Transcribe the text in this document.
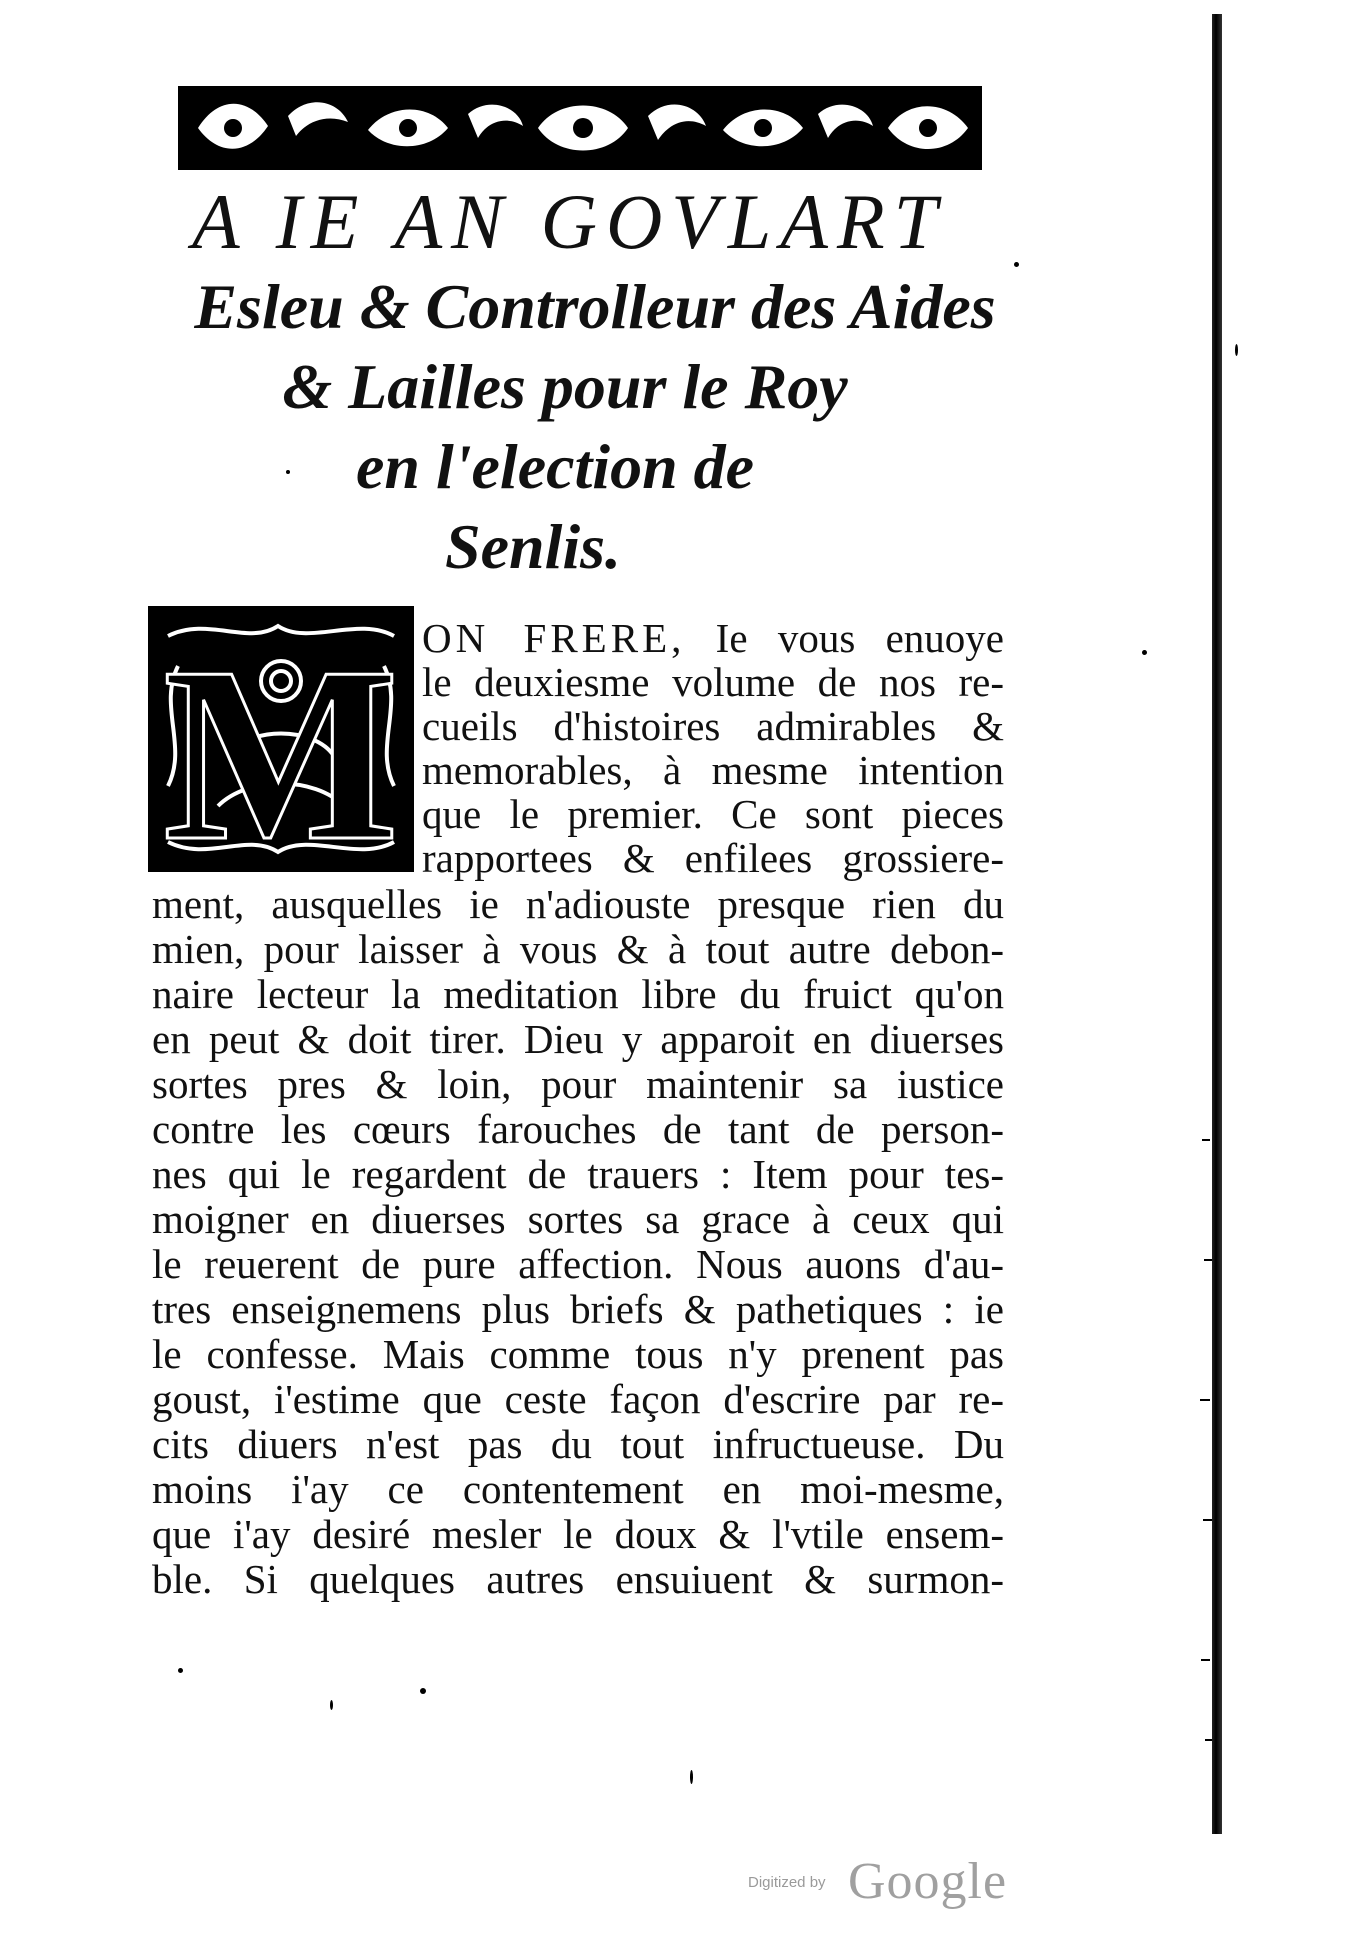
A IE AN GOVLART
Esleu & Controlleur des Aides
& Lailles pour le Roy
en l'election de
Senlis.
M ON FRERE, Ie vous enuoye
le deuxiesme volume de nos re-
cueils d'histoires admirables &
memorables, à mesme intention
que le premier. Ce sont pieces
rapportees & enfilees grossiere-
ment, ausquelles ie n'adiouste presque rien du
mien, pour laisser à vous & à tout autre debon-
naire lecteur la meditation libre du fruict qu'on
en peut & doit tirer. Dieu y apparoit en diuerses
sortes pres & loin, pour maintenir sa iustice
contre les cœurs farouches de tant de person-
nes qui le regardent de trauers : Item pour tes-
moigner en diuerses sortes sa grace à ceux qui
le reuerent de pure affection. Nous auons d'au-
tres enseignemens plus briefs & pathetiques : ie
le confesse. Mais comme tous n'y prenent pas
goust, i'estime que ceste façon d'escrire par re-
cits diuers n'est pas du tout infructueuse. Du
moins i'ay ce contentement en moi-mesme,
que i'ay desiré mesler le doux & l'vtile ensem-
ble. Si quelques autres ensuiuent & surmon-
Digitized by Google
